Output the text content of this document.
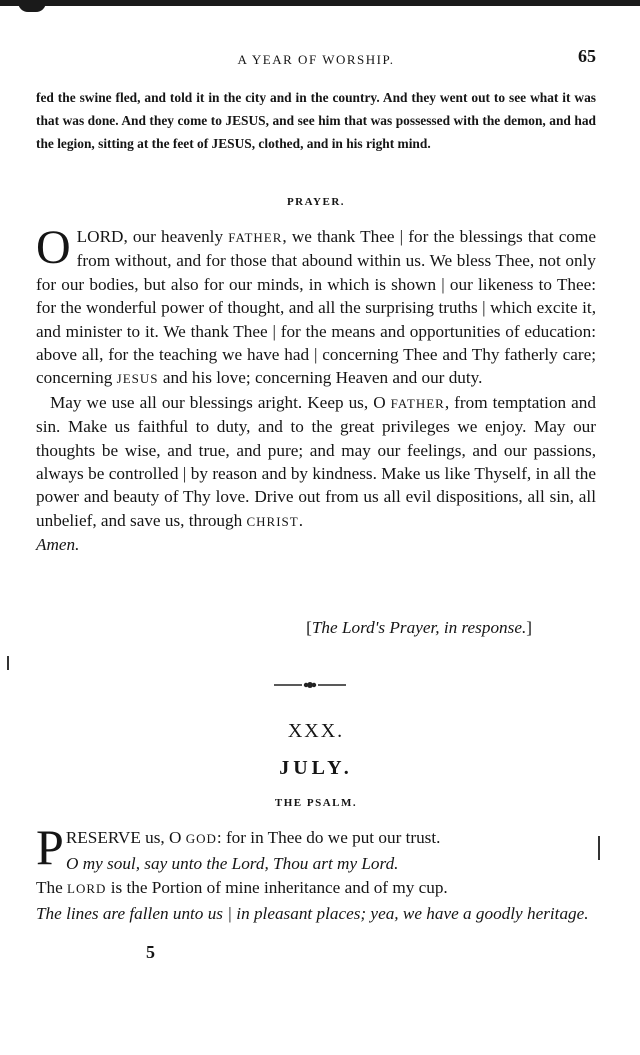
A YEAR OF WORSHIP.	65

fed the swine fled, and told it in the city and in the country. And they went out to see what it was that was done. And they come to JESUS, and see him that was possessed with the demon, and had the legion, sitting at the feet of JESUS, clothed, and in his right mind.

PRAYER.

O LORD, our heavenly FATHER, we thank Thee | for the blessings that come from without, and for those that abound within us. We bless Thee, not only for our bodies, but also for our minds, in which is shown | our likeness to Thee: for the wonderful power of thought, and all the surprising truths | which excite it, and minister to it. We thank Thee | for the means and opportunities of education: above all, for the teaching we have had | concerning Thee and Thy fatherly care; concerning JESUS and his love; concerning Heaven and our duty.

May we use all our blessings aright. Keep us, O FATHER, from temptation and sin. Make us faithful to duty, and to the great privileges we enjoy. May our thoughts be wise, and true, and pure; and may our feelings, and our passions, always be controlled | by reason and by kindness. Make us like Thyself, in all the power and beauty of Thy love. Drive out from us all evil dispositions, all sin, all unbelief, and save us, through CHRIST.

Amen.

[The Lord's Prayer, in response.]
XXX.
JULY.
THE PSALM.

PRESERVE us, O GOD: for in Thee do we put our trust.

O my soul, say unto the Lord, Thou art my Lord.

The LORD is the Portion of mine inheritance and of my cup.

The lines are fallen unto us | in pleasant places; yea, we have a goodly heritage.

5
